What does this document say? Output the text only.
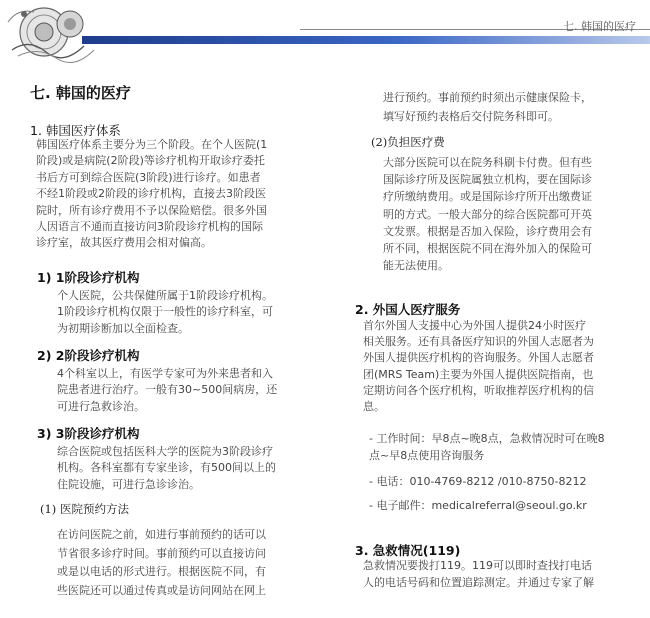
七. 韩国的医疗
七. 韩国的医疗
1. 韩国医疗体系
韩国医疗体系主要分为三个阶段。在个人医院(1
阶段)或是病院(2阶段)等诊疗机构开取诊疗委托
书后方可到综合医院(3阶段)进行诊疗。如患者
不经1阶段或2阶段的诊疗机构，直接去3阶段医
院时，所有诊疗费用不予以保险赔偿。很多外国
人因语言不通而直接访问3阶段诊疗机构的国际
诊疗室，故其医疗费用会相对偏高。
1) 1阶段诊疗机构
个人医院，公共保健所属于1阶段诊疗机构。
1阶段诊疗机构仅限于一般性的诊疗科室，可
为初期诊断加以全面检查。
2) 2阶段诊疗机构
4个科室以上，有医学专家可为外来患者和入
院患者进行治疗。一般有30~500间病房，还
可进行急救诊治。
3) 3阶段诊疗机构
综合医院或包括医科大学的医院为3阶段诊疗
机构。各科室都有专家坐诊，有500间以上的
住院设施，可进行急诊诊治。
(1) 医院预约方法
在访问医院之前，如进行事前预约的话可以
节省很多诊疗时间。事前预约可以直接访问
或是以电话的形式进行。根据医院不同，有
些医院还可以通过传真或是访问网站在网上
进行预约。事前预约时须出示健康保险卡，
填写好预约表格后交付院务科即可。
(2)负担医疗费
大部分医院可以在院务科刷卡付费。但有些
国际诊疗所及医院属独立机构，要在国际诊
疗所缴纳费用。或是国际诊疗所开出缴费证
明的方式。一般大部分的综合医院都可开英
文发票。根据是否加入保险，诊疗费用会有
所不同，根据医院不同在海外加入的保险可
能无法使用。
2. 外国人医疗服务
首尔外国人支援中心为外国人提供24小时医疗
相关服务。还有具备医疗知识的外国人志愿者为
外国人提供医疗机构的咨询服务。外国人志愿者
团(MRS Team)主要为外国人提供医院指南，也
定期访问各个医疗机构，听取推荐医疗机构的信
息。
- 工作时间：早8点~晚8点，急救情况时可在晚8
点~早8点使用咨询服务
- 电话：010-4769-8212 /010-8750-8212
- 电子邮件：medicalreferral@seoul.go.kr
3. 急救情况(119)
急救情况要拨打119。119可以即时查找打电话
人的电话号码和位置追踪测定。并通过专家了解
